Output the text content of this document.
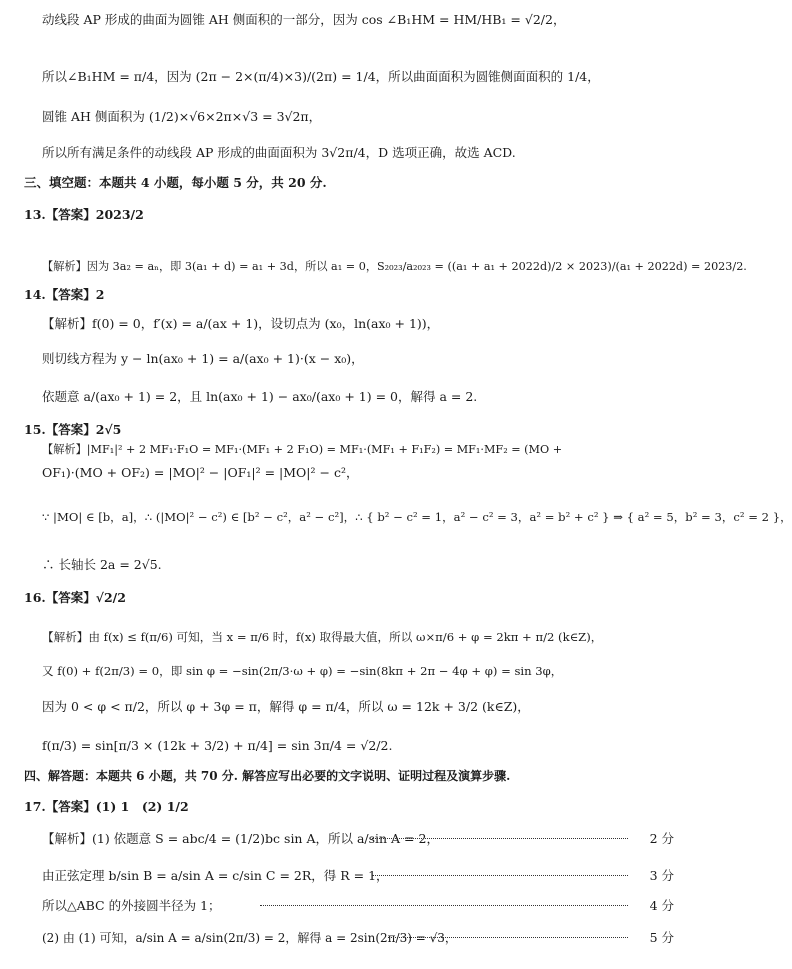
动线段 AP 形成的曲面为圆锥 AH 侧面积的一部分，因为 cos ∠B₁HM = HM/HB₁ = √2/2，
所以∠B₁HM = π/4，因为 (2π − 2×(π/4)×3)/(2π) = 1/4，所以曲面面积为圆锥侧面面积的 1/4，
圆锥 AH 侧面积为 (1/2)×√6×2π×√3 = 3√2π，
所以所有满足条件的动线段 AP 形成的曲面面积为 3√2π/4，D 选项正确，故选 ACD.
三、填空题：本题共 4 小题，每小题 5 分，共 20 分.
13.【答案】2023/2
【解析】因为 3a₂ = aₙ，即 3(a₁ + d) = a₁ + 3d，所以 a₁ = 0，S₂₀₂₃/a₂₀₂₃ = ((a₁ + a₁ + 2022d)/2 × 2023)/(a₁ + 2022d) = 2023/2.
14.【答案】2
【解析】f(0) = 0，f′(x) = a/(ax + 1)，设切点为 (x₀，ln(ax₀ + 1))，
则切线方程为 y − ln(ax₀ + 1) = a/(ax₀ + 1)·(x − x₀)，
依题意 a/(ax₀ + 1) = 2，且 ln(ax₀ + 1) − ax₀/(ax₀ + 1) = 0，解得 a = 2.
15.【答案】2√5
【解析】|MF₁|² + 2 MF₁·F₁O = MF₁·(MF₁ + 2 F₁O) = MF₁·(MF₁ + F₁F₂) = MF₁·MF₂ = (MO +
OF₁)·(MO + OF₂) = |MO|² − |OF₁|² = |MO|² − c²，
∵ |MO| ∈ [b，a]，∴ (|MO|² − c²) ∈ [b² − c²，a² − c²]，∴ { b² − c² = 1，a² − c² = 3，a² = b² + c² } ⇒ { a² = 5，b² = 3，c² = 2 }，
∴ 长轴长 2a = 2√5.
16.【答案】√2/2
【解析】由 f(x) ≤ f(π/6) 可知，当 x = π/6 时，f(x) 取得最大值，所以 ω×π/6 + φ = 2kπ + π/2 (k∈Z)，
又 f(0) + f(2π/3) = 0，即 sin φ = −sin(2π/3·ω + φ) = −sin(8kπ + 2π − 4φ + φ) = sin 3φ，
因为 0 < φ < π/2，所以 φ + 3φ = π，解得 φ = π/4，所以 ω = 12k + 3/2 (k∈Z)，
f(π/3) = sin[π/3 × (12k + 3/2) + π/4] = sin 3π/4 = √2/2.
四、解答题：本题共 6 小题，共 70 分. 解答应写出必要的文字说明、证明过程及演算步骤.
17.【答案】(1) 1　(2) 1/2
【解析】(1) 依题意 S = abc/4 = (1/2)bc sin A，所以 a/sin A = 2，	2 分
由正弦定理 b/sin B = a/sin A = c/sin C = 2R，得 R = 1，	3 分
所以△ABC 的外接圆半径为 1；	4 分
(2) 由 (1) 可知，a/sin A = a/sin(2π/3) = 2，解得 a = 2sin(2π/3) = √3，	5 分
